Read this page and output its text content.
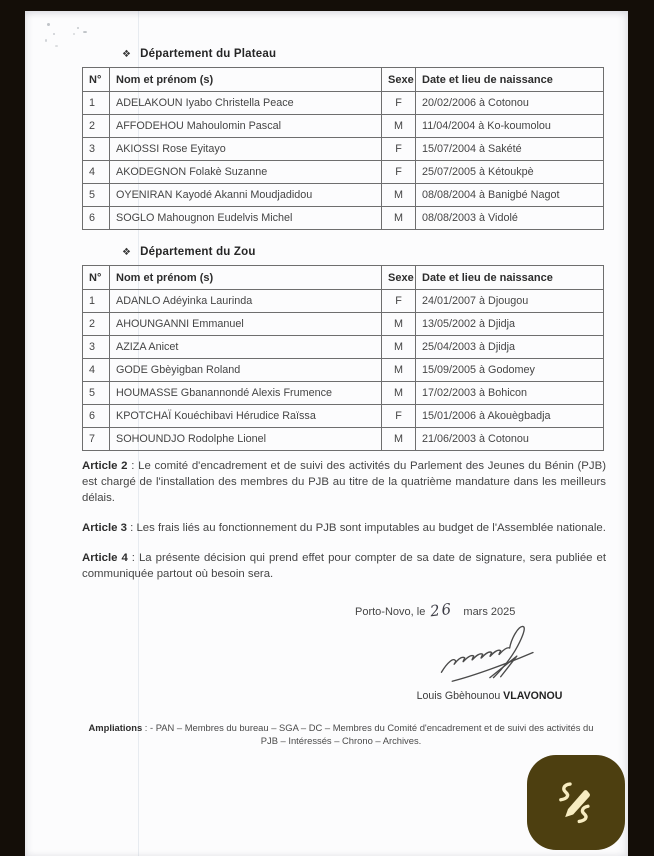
❖ Département du Plateau
N°	Nom et prénom (s)	Sexe	Date et lieu de naissance
1	ADELAKOUN Iyabo Christella Peace	F	20/02/2006 à Cotonou
2	AFFODEHOU Mahoulomin Pascal	M	11/04/2004 à Ko-koumolou
3	AKIOSSI Rose Eyitayo	F	15/07/2004 à Sakété
4	AKODEGNON Folakè Suzanne	F	25/07/2005 à Kétoukpè
5	OYENIRAN Kayodé Akanni Moudjadidou	M	08/08/2004 à Banigbé Nagot
6	SOGLO Mahougnon Eudelvis Michel	M	08/08/2003 à Vidolé
❖ Département du Zou
N°	Nom et prénom (s)	Sexe	Date et lieu de naissance
1	ADANLO Adéyinka Laurinda	F	24/01/2007 à Djougou
2	AHOUNGANNI Emmanuel	M	13/05/2002 à Djidja
3	AZIZA Anicet	M	25/04/2003 à Djidja
4	GODE Gbèyigban Roland	M	15/09/2005 à Godomey
5	HOUMASSE Gbanannondé Alexis Frumence	M	17/02/2003 à Bohicon
6	KPOTCHAÏ Kouéchibavi Hérudice Raïssa	F	15/01/2006 à Akouègbadja
7	SOHOUNDJO Rodolphe Lionel	M	21/06/2003 à Cotonou

Article 2 : Le comité d'encadrement et de suivi des activités du Parlement des Jeunes du Bénin (PJB) est chargé de l'installation des membres du PJB au titre de la quatrième mandature dans les meilleurs délais.

Article 3 : Les frais liés au fonctionnement du PJB sont imputables au budget de l'Assemblée nationale.

Article 4 : La présente décision qui prend effet pour compter de sa date de signature, sera publiée et communiquée partout où besoin sera.

Porto-Novo, le 26 mars 2025
Louis Gbèhounou VLAVONOU

Ampliations : - PAN – Membres du bureau – SGA – DC – Membres du Comité d'encadrement et de suivi des activités du PJB – Intéressés – Chrono – Archives.
